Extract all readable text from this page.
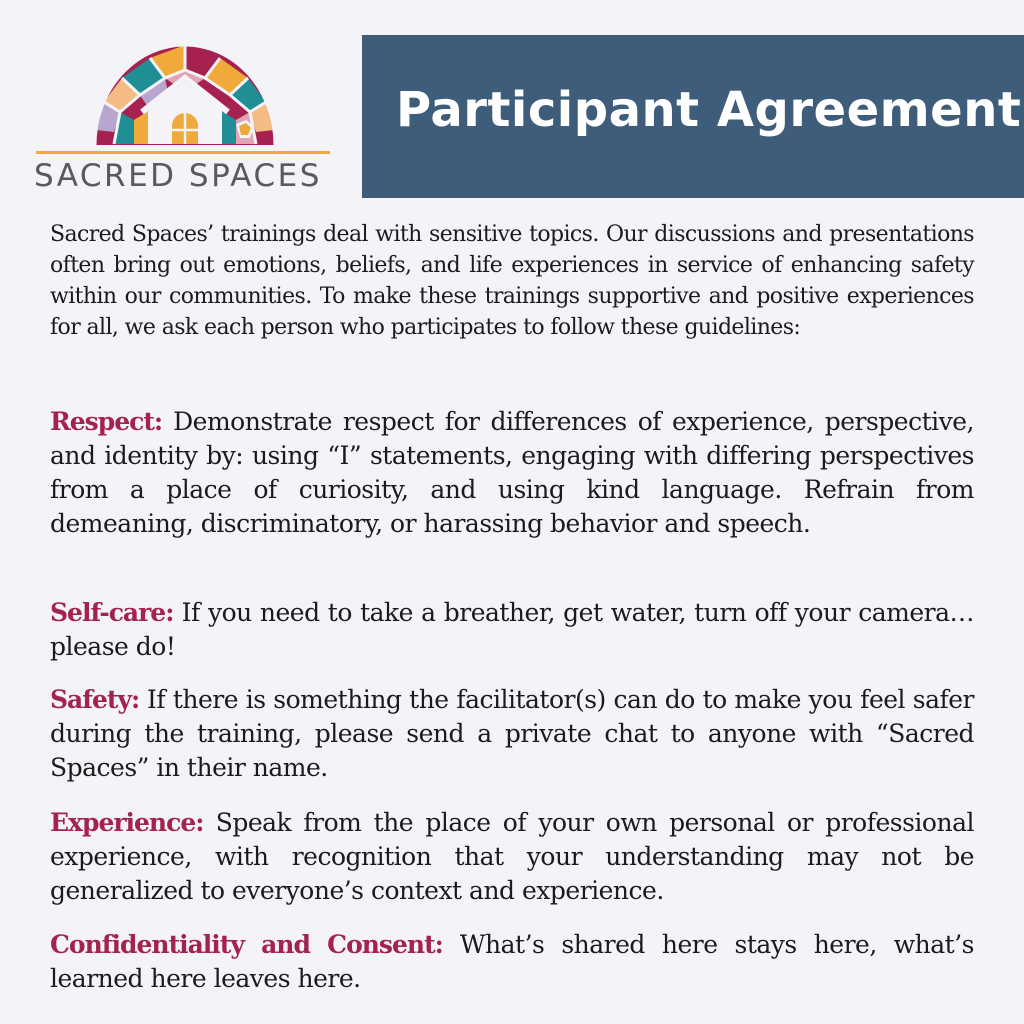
SACRED SPACES
Participant Agreement

Sacred Spaces’ trainings deal with sensitive topics. Our discussions and presentations often bring out emotions, beliefs, and life experiences in service of enhancing safety within our communities. To make these trainings supportive and positive experiences for all, we ask each person who participates to follow these guidelines:

Respect: Demonstrate respect for differences of experience, perspective, and identity by: using “I” statements, engaging with differing perspectives from a place of curiosity, and using kind language. Refrain from demeaning, discriminatory, or harassing behavior and speech.

Self-care: If you need to take a breather, get water, turn off your camera…please do!

Safety: If there is something the facilitator(s) can do to make you feel safer during the training, please send a private chat to anyone with “Sacred Spaces” in their name.

Experience: Speak from the place of your own personal or professional experience, with recognition that your understanding may not be generalized to everyone’s context and experience.

Confidentiality and Consent: What’s shared here stays here, what’s learned here leaves here.
